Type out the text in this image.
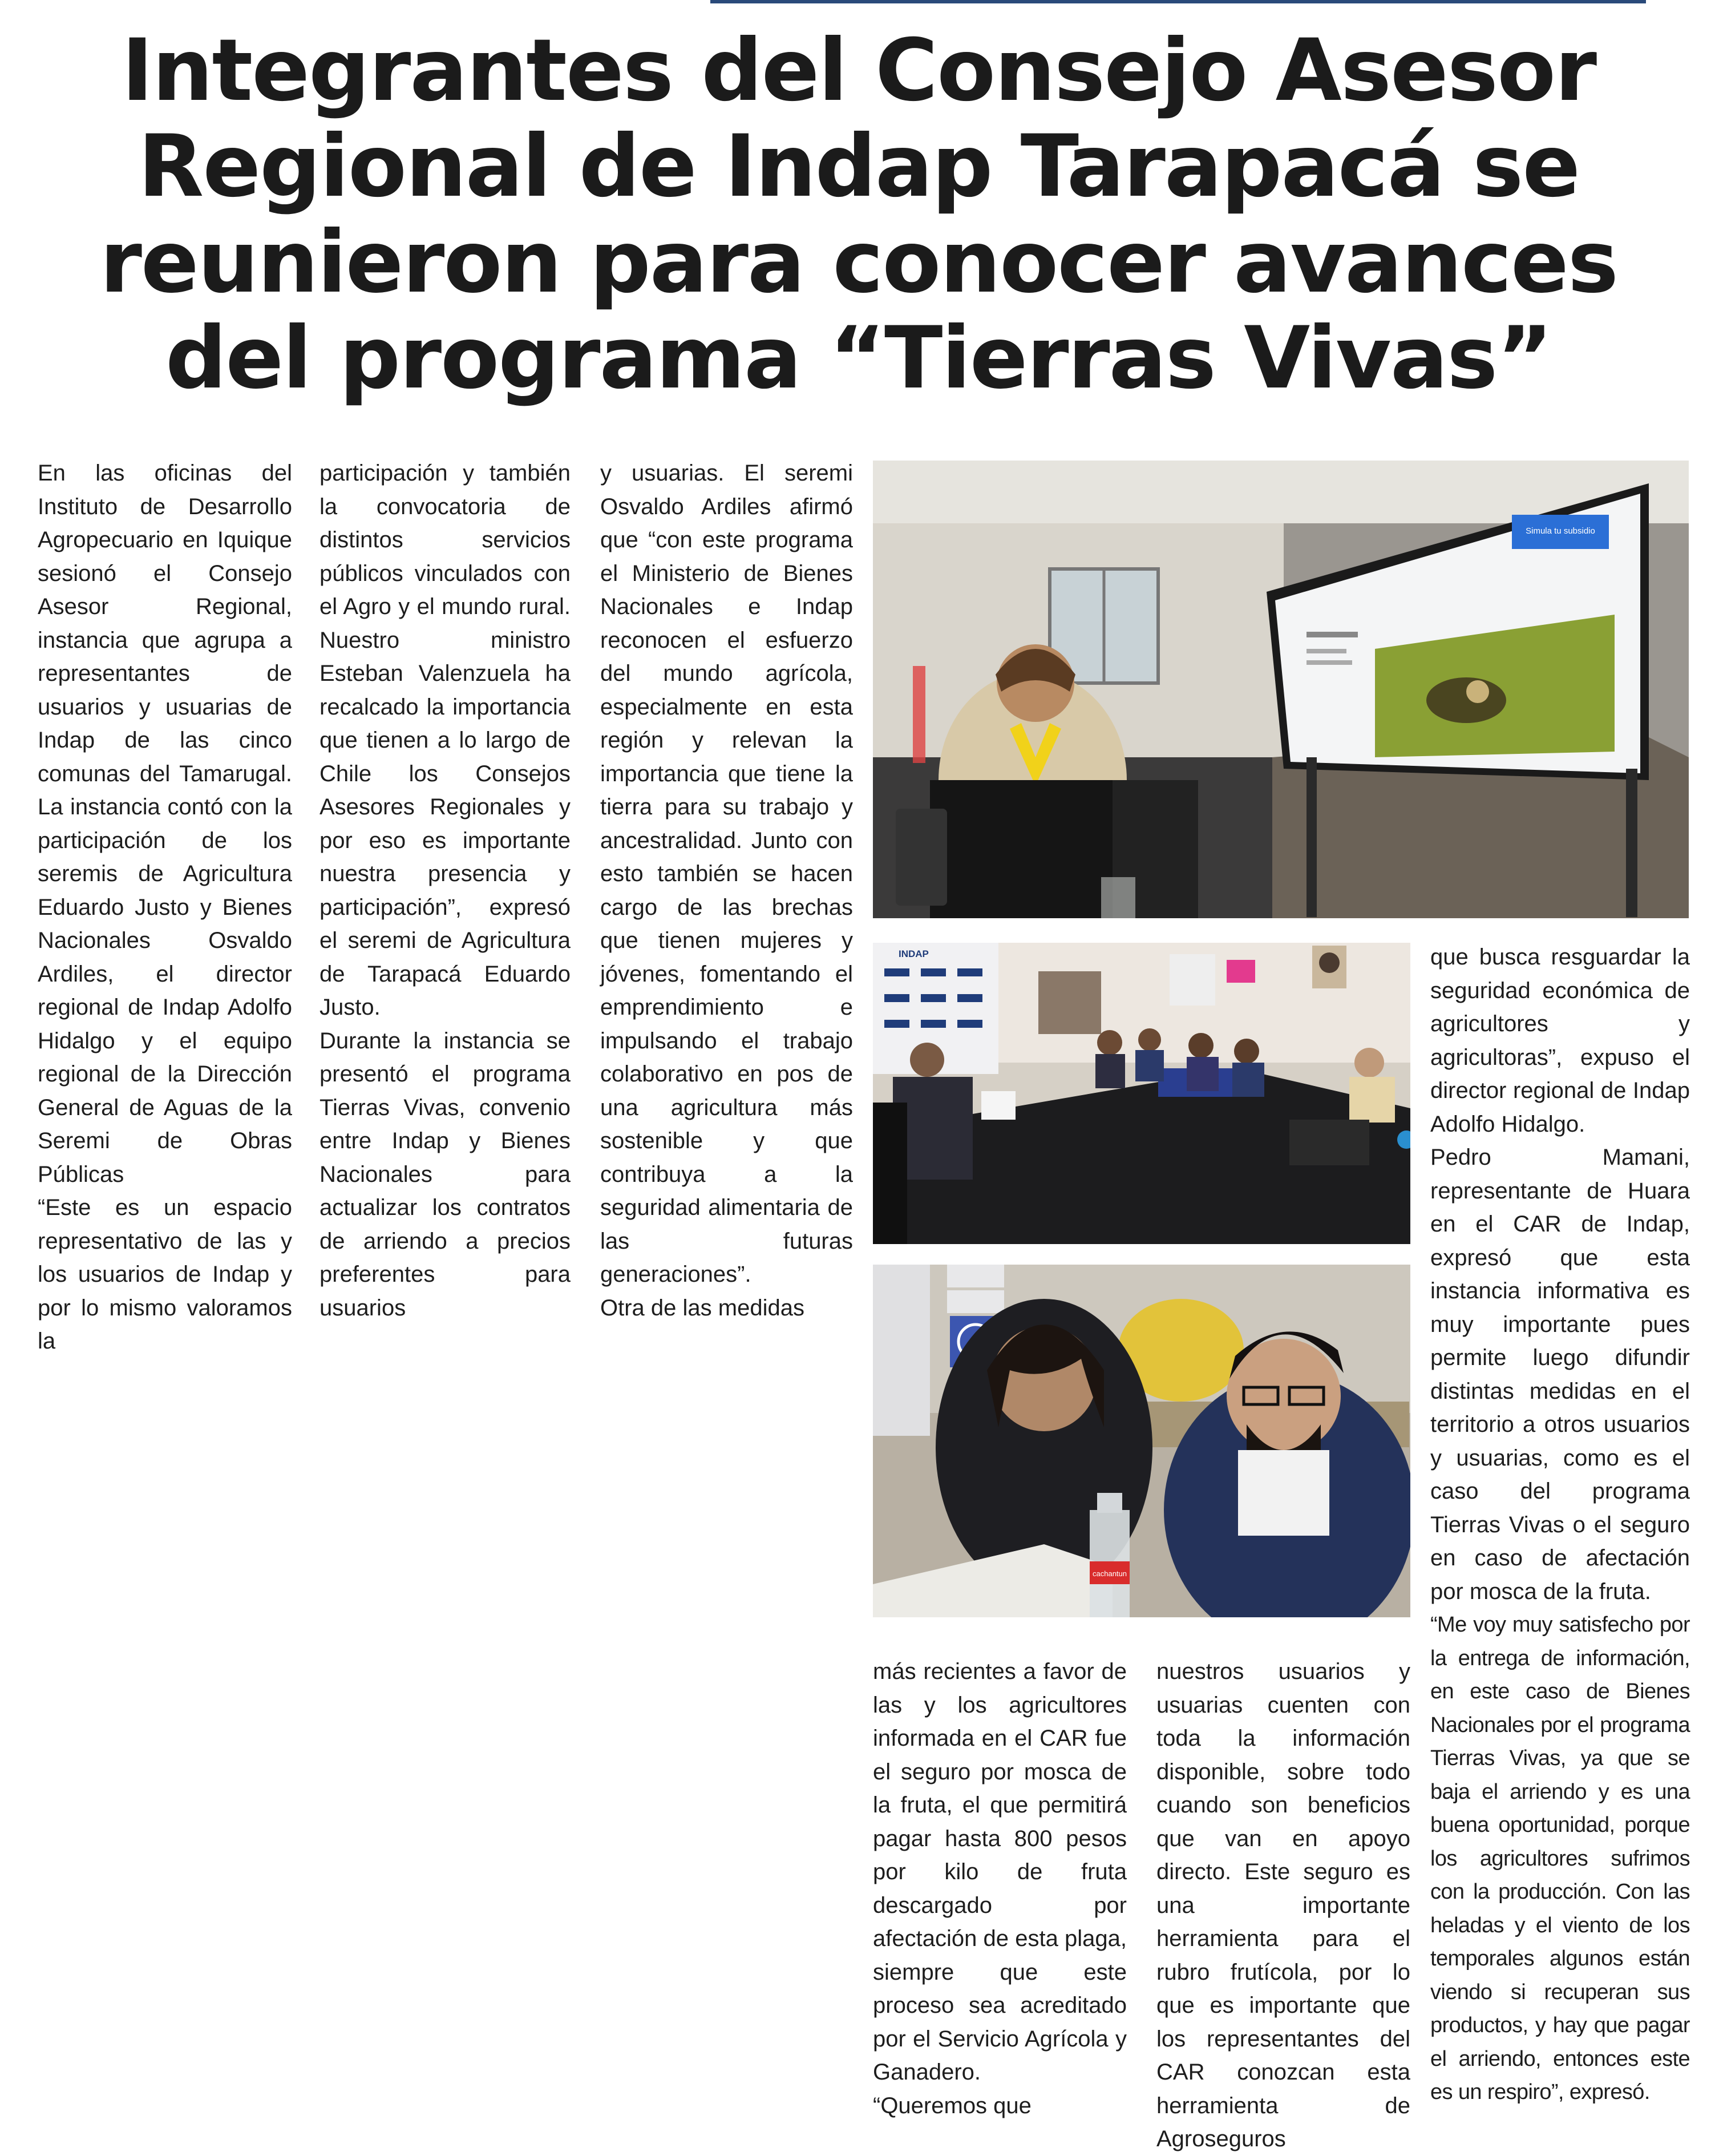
Integrantes del Consejo Asesor Regional de Indap Tarapacá se reunieron para conocer avances del programa “Tierras Vivas”

En las oficinas del Instituto de Desarrollo Agropecuario en Iquique sesionó el Consejo Asesor Regional, instancia que agrupa a representantes de usuarios y usuarias de Indap de las cinco comunas del Tamarugal. La instancia contó con la participación de los seremis de Agricultura Eduardo Justo y Bienes Nacionales Osvaldo Ardiles, el director regional de Indap Adolfo Hidalgo y el equipo regional de la Dirección General de Aguas de la Seremi de Obras Públicas

“Este es un espacio representativo de las y los usuarios de Indap y por lo mismo valoramos la

participación y también la convocatoria de distintos servicios públicos vinculados con el Agro y el mundo rural. Nuestro ministro Esteban Valenzuela ha recalcado la importancia que tienen a lo largo de Chile los Consejos Asesores Regionales y por eso es importante nuestra presencia y participación”, expresó el seremi de Agricultura de Tarapacá Eduardo Justo.

Durante la instancia se presentó el programa Tierras Vivas, convenio entre Indap y Bienes Nacionales para actualizar los contratos de arriendo a precios preferentes para usuarios

y usuarias. El seremi Osvaldo Ardiles afirmó que “con este programa el Ministerio de Bienes Nacionales e Indap reconocen el esfuerzo del mundo agrícola, especialmente en esta región y relevan la importancia que tiene la tierra para su trabajo y ancestralidad. Junto con esto también se hacen cargo de las brechas que tienen mujeres y jóvenes, fomentando el emprendimiento e impulsando el trabajo colaborativo en pos de una agricultura más sostenible y que contribuya a la seguridad alimentaria de las futuras generaciones”.

Otra de las medidas

Simula tu subsidio
INDAP
cachantun

más recientes a favor de las y los agricultores informada en el CAR fue el seguro por mosca de la fruta, el que permitirá pagar hasta 800 pesos por kilo de fruta descargado por afectación de esta plaga, siempre que este proceso sea acreditado por el Servicio Agrícola y Ganadero.

“Queremos que

nuestros usuarios y usuarias cuenten con toda la información disponible, sobre todo cuando son beneficios que van en apoyo directo. Este seguro es una importante herramienta para el rubro frutícola, por lo que es importante que los representantes del CAR conozcan esta herramienta de Agroseguros

que busca resguardar la seguridad económica de agricultores y agricultoras”, expuso el director regional de Indap Adolfo Hidalgo.

Pedro Mamani, representante de Huara en el CAR de Indap, expresó que esta instancia informativa es muy importante pues permite luego difundir distintas medidas en el territorio a otros usuarios y usuarias, como es el caso del programa Tierras Vivas o el seguro en caso de afectación por mosca de la fruta.

“Me voy muy satisfecho por la entrega de información, en este caso de Bienes Nacionales por el programa Tierras Vivas, ya que se baja el arriendo y es una buena oportunidad, porque los agricultores sufrimos con la producción. Con las heladas y el viento de los temporales algunos están viendo si recuperan sus productos, y hay que pagar el arriendo, entonces este es un respiro”, expresó.
